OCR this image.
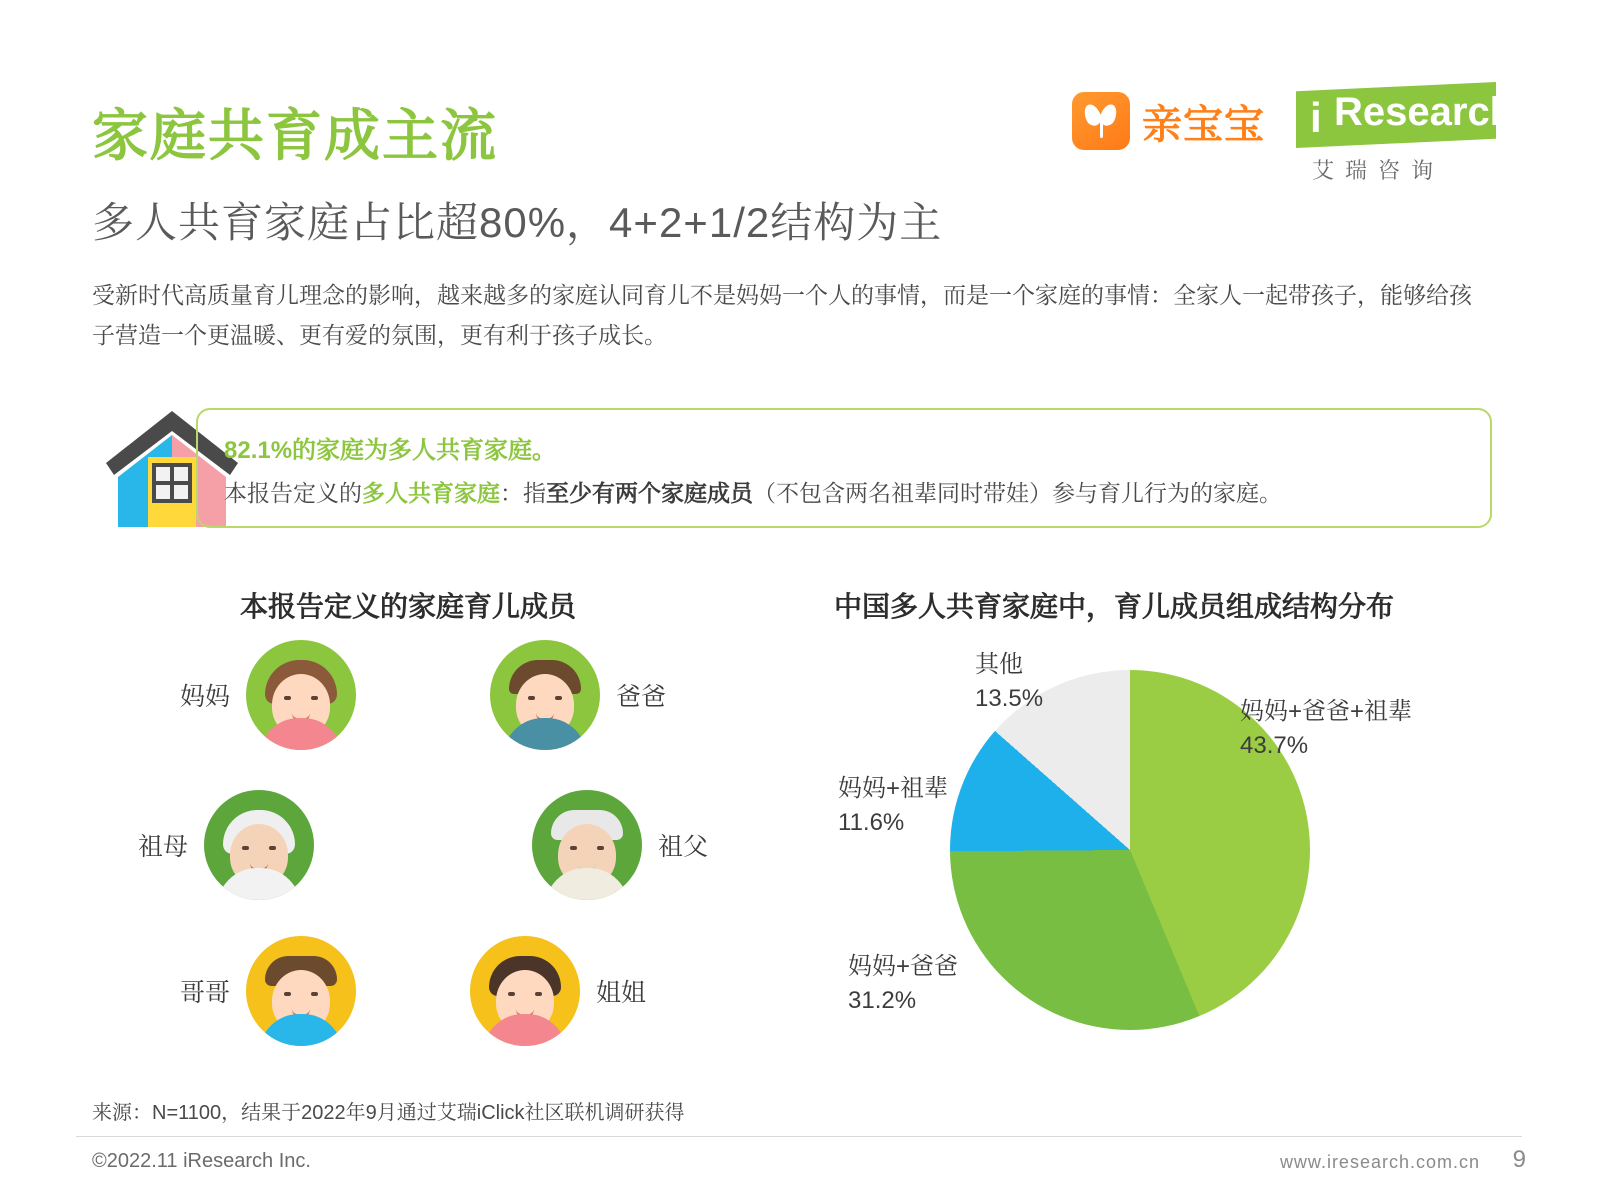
家庭共育成主流
多人共育家庭占比超80%，4+2+1/2结构为主
受新时代高质量育儿理念的影响，越来越多的家庭认同育儿不是妈妈一个人的事情，而是一个家庭的事情：全家人一起带孩子，能够给孩子营造一个更温暖、更有爱的氛围，更有利于孩子成长。
亲宝宝 i Research
艾瑞咨询
82.1%的家庭为多人共育家庭。
本报告定义的多人共育家庭：指至少有两个家庭成员（不包含两名祖辈同时带娃）参与育儿行为的家庭。
本报告定义的家庭育儿成员	中国多人共育家庭中，育儿成员组成结构分布
妈妈	爸爸
祖母	祖父
哥哥	姐姐
其他
13.5%
妈妈+祖辈
11.6%
妈妈+爸爸
31.2%
妈妈+爸爸+祖辈
43.7%
来源：N=1100，结果于2022年9月通过艾瑞iClick社区联机调研获得
©2022.11 iResearch Inc.	www.iresearch.com.cn 9
